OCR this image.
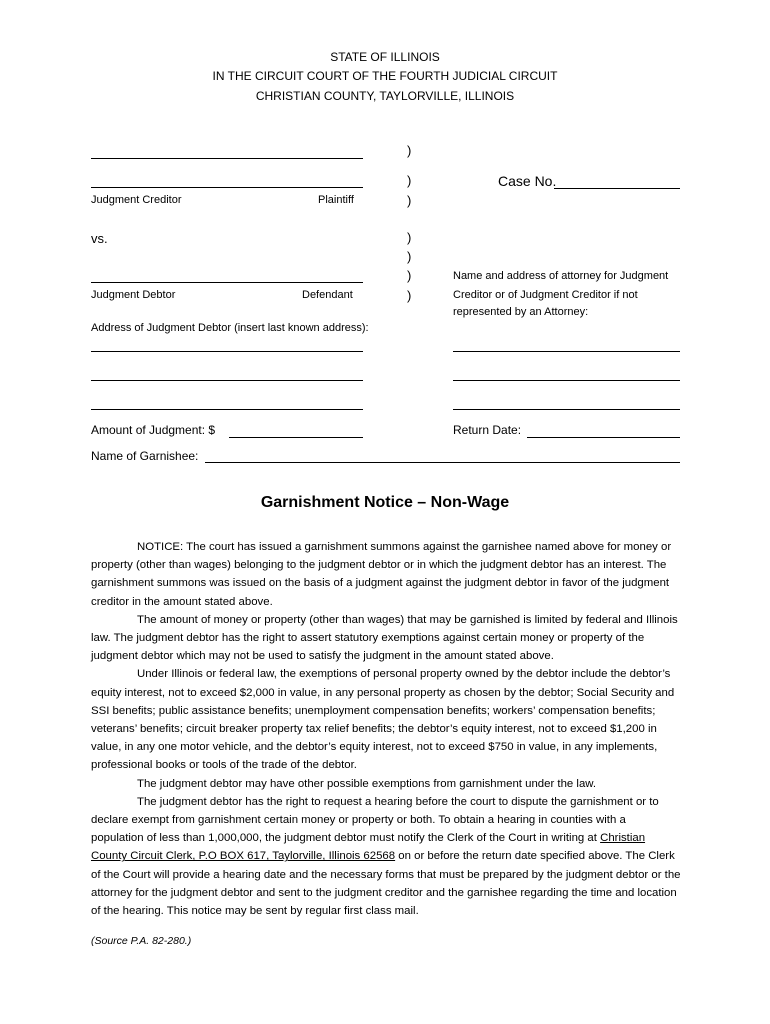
STATE OF ILLINOIS
IN THE CIRCUIT COURT OF THE FOURTH JUDICIAL CIRCUIT
CHRISTIAN COUNTY, TAYLORVILLE, ILLINOIS
Judgment Creditor	Plaintiff
vs.
Judgment Debtor	Defendant
)
)
)
)
)
)
)
Case No.
Name and address of attorney for Judgment
Creditor or of Judgment Creditor if not
represented by an Attorney:
Address of Judgment Debtor (insert last known address):
Amount of Judgment: $	Return Date:
Name of Garnishee:
Garnishment Notice – Non-Wage

NOTICE: The court has issued a garnishment summons against the garnishee named above for money or property (other than wages) belonging to the judgment debtor or in which the judgment debtor has an interest. The garnishment summons was issued on the basis of a judgment against the judgment debtor in favor of the judgment creditor in the amount stated above.

The amount of money or property (other than wages) that may be garnished is limited by federal and Illinois law. The judgment debtor has the right to assert statutory exemptions against certain money or property of the judgment debtor which may not be used to satisfy the judgment in the amount stated above.

Under Illinois or federal law, the exemptions of personal property owned by the debtor include the debtor’s equity interest, not to exceed $2,000 in value, in any personal property as chosen by the debtor; Social Security and SSI benefits; public assistance benefits; unemployment compensation benefits; workers’ compensation benefits; veterans’ benefits; circuit breaker property tax relief benefits; the debtor’s equity interest, not to exceed $1,200 in value, in any one motor vehicle, and the debtor’s equity interest, not to exceed $750 in value, in any implements, professional books or tools of the trade of the debtor.

The judgment debtor may have other possible exemptions from garnishment under the law.

The judgment debtor has the right to request a hearing before the court to dispute the garnishment or to declare exempt from garnishment certain money or property or both. To obtain a hearing in counties with a population of less than 1,000,000, the judgment debtor must notify the Clerk of the Court in writing at Christian County Circuit Clerk, P.O BOX 617, Taylorville, Illinois 62568 on or before the return date specified above. The Clerk of the Court will provide a hearing date and the necessary forms that must be prepared by the judgment debtor or the attorney for the judgment debtor and sent to the judgment creditor and the garnishee regarding the time and location of the hearing. This notice may be sent by regular first class mail.

(Source P.A. 82-280.)
